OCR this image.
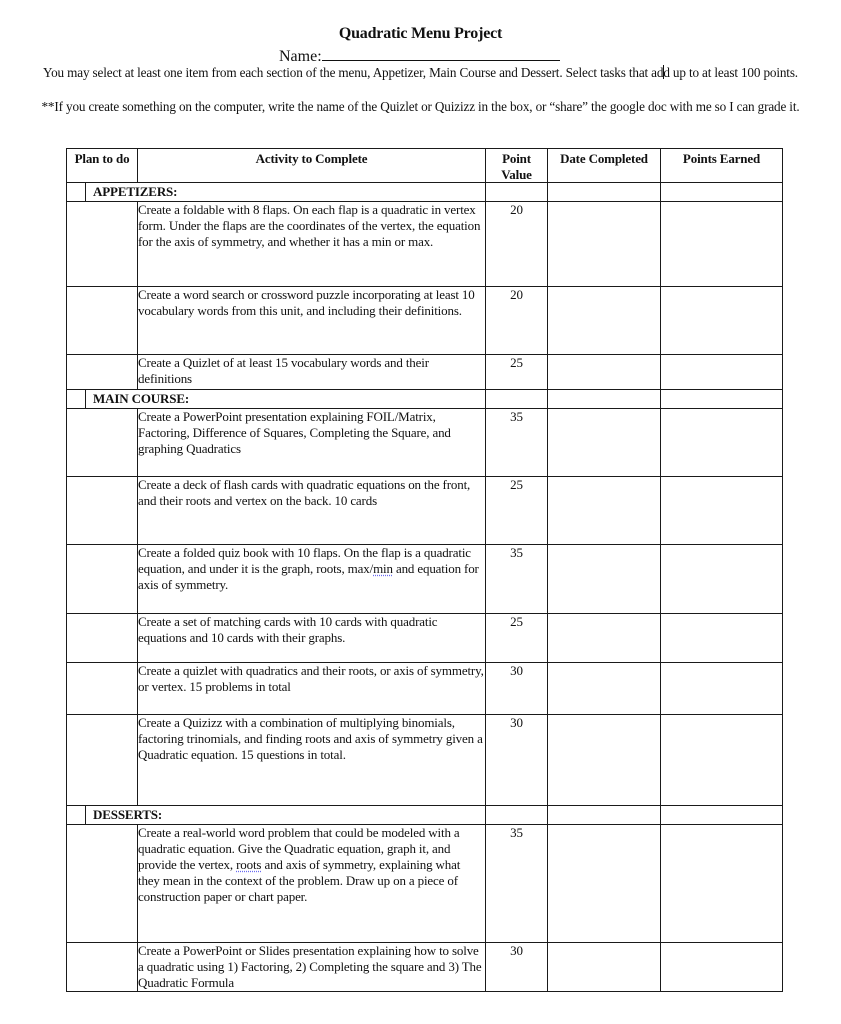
Quadratic Menu Project
Name:
You may select at least one item from each section of the menu, Appetizer, Main Course and Dessert. Select tasks that add up to at least 100 points.
**If you create something on the computer, write the name of the Quizlet or Quizizz in the box, or “share” the google doc with me so I can grade it.
Plan to do	Activity to Complete	Point Value	Date Completed	Points Earned

APPETIZERS:				

	Create a foldable with 8 flaps. On each flap is a quadratic in vertex form. Under the flaps are the coordinates of the vertex, the equation for the axis of symmetry, and whether it has a min or max.	20		
	Create a word search or crossword puzzle incorporating at least 10 vocabulary words from this unit, and including their definitions.	20		
	Create a Quizlet of at least 15 vocabulary words and their definitions	25		

MAIN COURSE:				

	Create a PowerPoint presentation explaining FOIL/Matrix, Factoring, Difference of Squares, Completing the Square, and graphing Quadratics	35		
	Create a deck of flash cards with quadratic equations on the front, and their roots and vertex on the back. 10 cards	25		
	Create a folded quiz book with 10 flaps. On the flap is a quadratic equation, and under it is the graph, roots, max/min and equation for axis of symmetry.	35		
	Create a set of matching cards with 10 cards with quadratic equations and 10 cards with their graphs.	25		
	Create a quizlet with quadratics and their roots, or axis of symmetry, or vertex. 15 problems in total	30		
	Create a Quizizz with a combination of multiplying binomials, factoring trinomials, and finding roots and axis of symmetry given a Quadratic equation. 15 questions in total.	30		

DESSERTS:				

	Create a real-world word problem that could be modeled with a quadratic equation. Give the Quadratic equation, graph it, and provide the vertex, roots and axis of symmetry, explaining what they mean in the context of the problem. Draw up on a piece of construction paper or chart paper.	35		
	Create a PowerPoint or Slides presentation explaining how to solve a quadratic using 1) Factoring, 2) Completing the square and 3) The Quadratic Formula	30		
